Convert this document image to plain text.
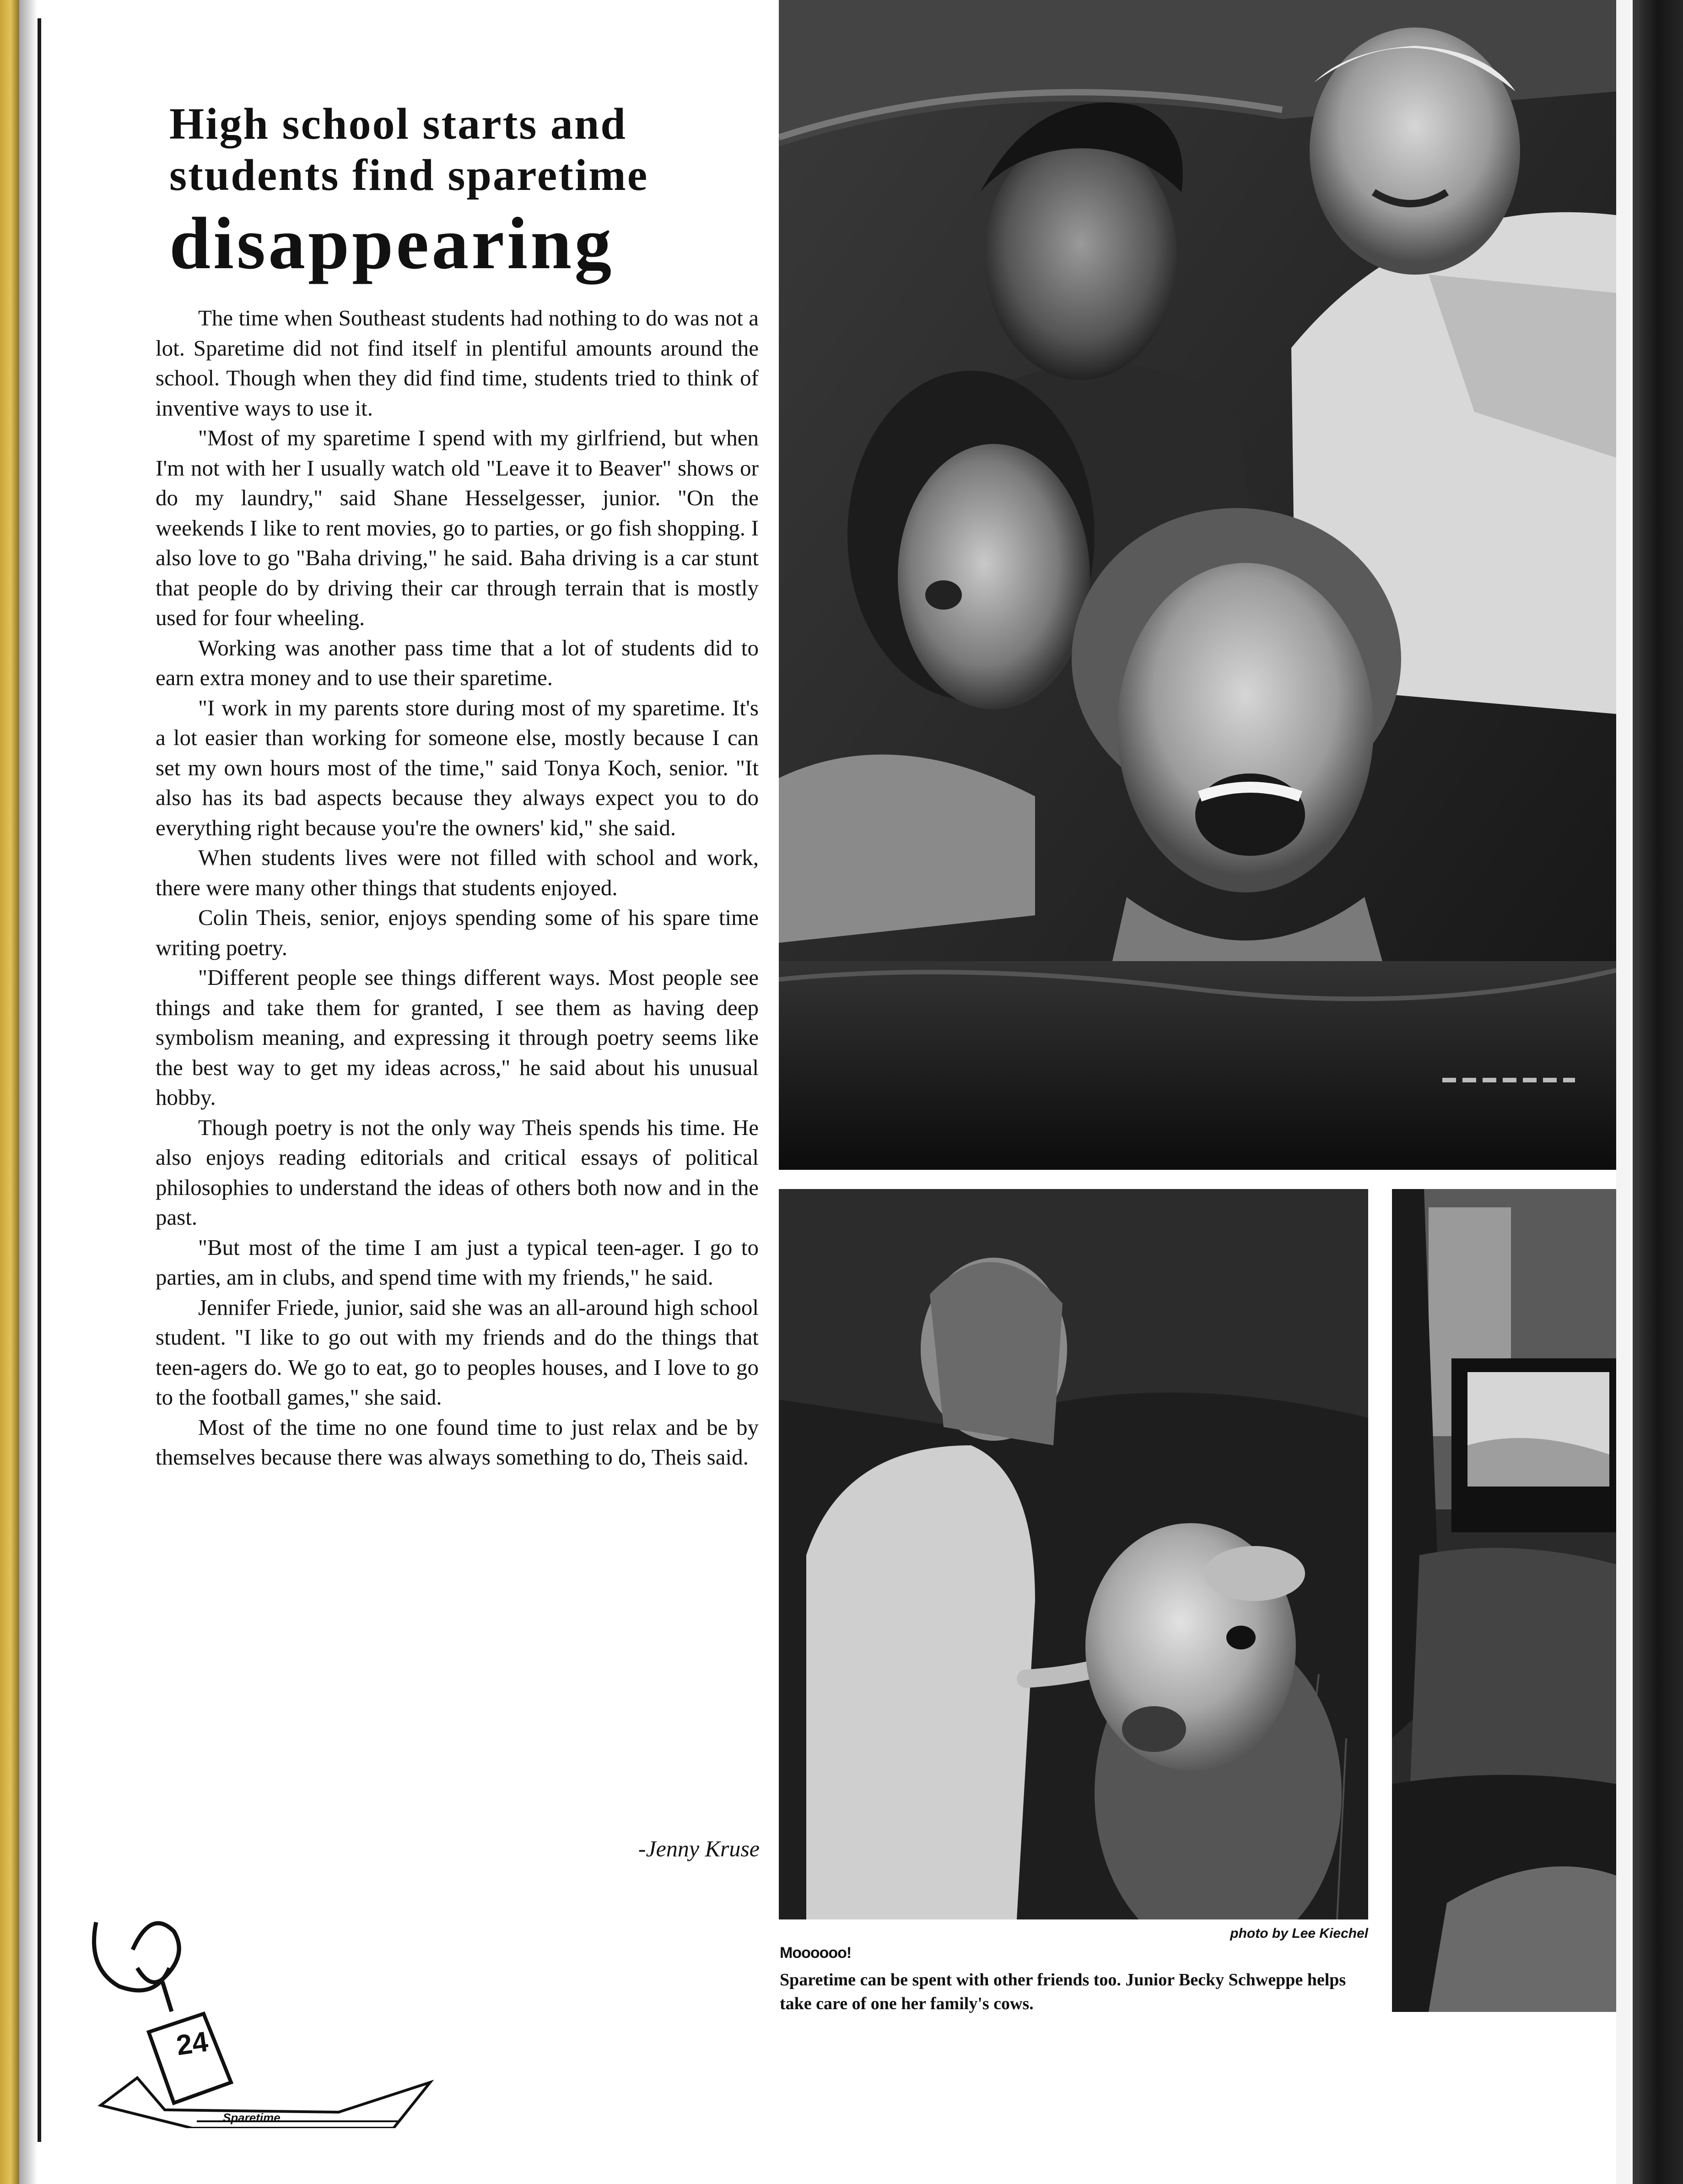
High school starts and
students find sparetime
disappearing

The time when Southeast students had nothing to do was not a lot. Sparetime did not find itself in plentiful amounts around the school. Though when they did find time, students tried to think of inventive ways to use it.

"Most of my sparetime I spend with my girlfriend, but when I'm not with her I usually watch old "Leave it to Beaver" shows or do my laundry," said Shane Hesselgesser, junior. "On the weekends I like to rent movies, go to parties, or go fish shopping. I also love to go "Baha driving," he said. Baha driving is a car stunt that people do by driving their car through terrain that is mostly used for four wheeling.

Working was another pass time that a lot of students did to earn extra money and to use their sparetime.

"I work in my parents store during most of my sparetime. It's a lot easier than working for someone else, mostly because I can set my own hours most of the time," said Tonya Koch, senior. "It also has its bad aspects because they always expect you to do everything right because you're the owners' kid," she said.

When students lives were not filled with school and work, there were many other things that students enjoyed.

Colin Theis, senior, enjoys spending some of his spare time writing poetry.

"Different people see things different ways. Most people see things and take them for granted, I see them as having deep symbolism meaning, and expressing it through poetry seems like the best way to get my ideas across," he said about his unusual hobby.

Though poetry is not the only way Theis spends his time. He also enjoys reading editorials and critical essays of political philosophies to understand the ideas of others both now and in the past.

"But most of the time I am just a typical teen-ager. I go to parties, am in clubs, and spend time with my friends," he said.

Jennifer Friede, junior, said she was an all-around high school student. "I like to go out with my friends and do the things that teen-agers do. We go to eat, go to peoples houses, and I love to go to the football games," she said.

Most of the time no one found time to just relax and be by themselves because there was always something to do, Theis said.

-Jenny Kruse
photo by Lee Kiechel
Moooooo!
Sparetime can be spent with other friends too. Junior Becky Schweppe helps take care of one her family's cows.
24
Sparetime
